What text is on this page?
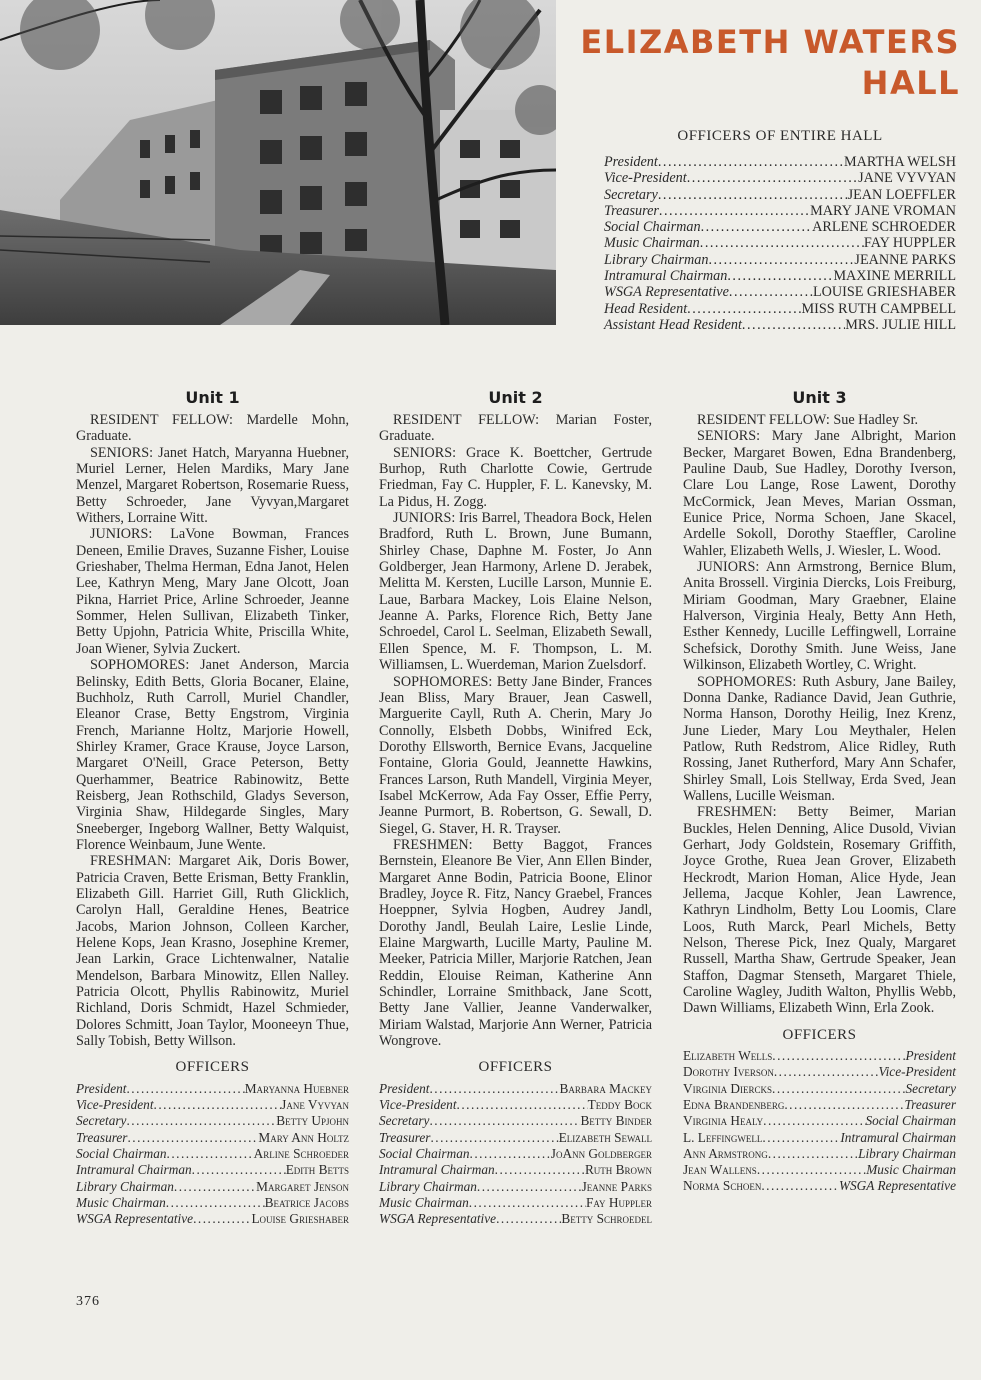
ELIZABETH WATERS
HALL
OFFICERS OF ENTIRE HALL
President .....	MARTHA WELSH
Vice-President .....	JANE VYVYAN
Secretary .....	JEAN LOEFFLER
Treasurer .....	MARY JANE VROMAN
Social Chairman .....	ARLENE SCHROEDER
Music Chairman .....	FAY HUPPLER
Library Chairman .....	JEANNE PARKS
Intramural Chairman .....	MAXINE MERRILL
WSGA Representative .....	LOUISE GRIESHABER
Head Resident .....	MISS RUTH CAMPBELL
Assistant Head Resident .....	MRS. JULIE HILL
Unit 1

RESIDENT FELLOW: Mardelle Mohn, Graduate.

SENIORS: Janet Hatch, Maryanna Huebner, Muriel Lerner, Helen Mardiks, Mary Jane Menzel, Margaret Robertson, Rosemarie Ruess, Betty Schroeder, Jane Vyvyan,Margaret Withers, Lorraine Witt.

JUNIORS: LaVone Bowman, Frances Deneen, Emilie Draves, Suzanne Fisher, Louise Grieshaber, Thelma Herman, Edna Janot, Helen Lee, Kathryn Meng, Mary Jane Olcott, Joan Pikna, Harriet Price, Arline Schroeder, Jeanne Sommer, Helen Sullivan, Elizabeth Tinker, Betty Upjohn, Patricia White, Priscilla White, Joan Wiener, Sylvia Zuckert.

SOPHOMORES: Janet Anderson, Marcia Belinsky, Edith Betts, Gloria Bocaner, Elaine, Buchholz, Ruth Carroll, Muriel Chandler, Eleanor Crase, Betty Engstrom, Virginia French, Marianne Holtz, Marjorie Howell, Shirley Kramer, Grace Krause, Joyce Larson, Margaret O'Neill, Grace Peterson, Betty Querhammer, Beatrice Rabinowitz, Bette Reisberg, Jean Rothschild, Gladys Severson, Virginia Shaw, Hildegarde Singles, Mary Sneeberger, Ingeborg Wallner, Betty Walquist, Florence Weinbaum, June Wente.

FRESHMAN: Margaret Aik, Doris Bower, Patricia Craven, Bette Erisman, Betty Franklin, Elizabeth Gill. Harriet Gill, Ruth Glicklich, Carolyn Hall, Geraldine Henes, Beatrice Jacobs, Marion Johnson, Colleen Karcher, Helene Kops, Jean Krasno, Josephine Kremer, Jean Larkin, Grace Lichtenwalner, Natalie Mendelson, Barbara Minowitz, Ellen Nalley. Patricia Olcott, Phyllis Rabinowitz, Muriel Richland, Doris Schmidt, Hazel Schmieder, Dolores Schmitt, Joan Taylor, Mooneeyn Thue, Sally Tobish, Betty Willson.

OFFICERS
President .....	Maryanna Huebner
Vice-President .....	Jane Vyvyan
Secretary .....	Betty Upjohn
Treasurer .....	Mary Ann Holtz
Social Chairman .....	Arline Schroeder
Intramural Chairman .....	Edith Betts
Library Chairman .....	Margaret Jenson
Music Chairman .....	Beatrice Jacobs
WSGA Representative .....	Louise Grieshaber
Unit 2

RESIDENT FELLOW: Marian Foster, Graduate.

SENIORS: Grace K. Boettcher, Gertrude Burhop, Ruth Charlotte Cowie, Gertrude Friedman, Fay C. Huppler, F. L. Kanevsky, M. La Pidus, H. Zogg.

JUNIORS: Iris Barrel, Theadora Bock, Helen Bradford, Ruth L. Brown, June Bumann, Shirley Chase, Daphne M. Foster, Jo Ann Goldberger, Jean Harmony, Arlene D. Jerabek, Melitta M. Kersten, Lucille Larson, Munnie E. Laue, Barbara Mackey, Lois Elaine Nelson, Jeanne A. Parks, Florence Rich, Betty Jane Schroedel, Carol L. Seelman, Elizabeth Sewall, Ellen Spence, M. F. Thompson, L. M. Williamsen, L. Wuerdeman, Marion Zuelsdorf.

SOPHOMORES: Betty Jane Binder, Frances Jean Bliss, Mary Brauer, Jean Caswell, Marguerite Cayll, Ruth A. Cherin, Mary Jo Connolly, Elsbeth Dobbs, Winifred Eck, Dorothy Ellsworth, Bernice Evans, Jacqueline Fontaine, Gloria Gould, Jeannette Hawkins, Frances Larson, Ruth Mandell, Virginia Meyer, Isabel McKerrow, Ada Fay Osser, Effie Perry, Jeanne Purmort, B. Robertson, G. Sewall, D. Siegel, G. Staver, H. R. Trayser.

FRESHMEN: Betty Baggot, Frances Bernstein, Eleanore Be Vier, Ann Ellen Binder, Margaret Anne Bodin, Patricia Boone, Elinor Bradley, Joyce R. Fitz, Nancy Graebel, Frances Hoeppner, Sylvia Hogben, Audrey Jandl, Dorothy Jandl, Beulah Laire, Leslie Linde, Elaine Margwarth, Lucille Marty, Pauline M. Meeker, Patricia Miller, Marjorie Ratchen, Jean Reddin, Elouise Reiman, Katherine Ann Schindler, Lorraine Smithback, Jane Scott, Betty Jane Vallier, Jeanne Vanderwalker, Miriam Walstad, Marjorie Ann Werner, Patricia Wongrove.

OFFICERS
President .....	Barbara Mackey
Vice-President .....	Teddy Bock
Secretary .....	Betty Binder
Treasurer .....	Elizabeth Sewall
Social Chairman .....	JoAnn Goldberger
Intramural Chairman .....	Ruth Brown
Library Chairman .....	Jeanne Parks
Music Chairman .....	Fay Huppler
WSGA Representative .....	Betty Schroedel
Unit 3

RESIDENT FELLOW: Sue Hadley Sr.

SENIORS: Mary Jane Albright, Marion Becker, Margaret Bowen, Edna Brandenberg, Pauline Daub, Sue Hadley, Dorothy Iverson, Clare Lou Lange, Rose Lawent, Dorothy McCormick, Jean Meves, Marian Ossman, Eunice Price, Norma Schoen, Jane Skacel, Ardelle Sokoll, Dorothy Staeffler, Caroline Wahler, Elizabeth Wells, J. Wiesler, L. Wood.

JUNIORS: Ann Armstrong, Bernice Blum, Anita Brossell. Virginia Diercks, Lois Freiburg, Miriam Goodman, Mary Graebner, Elaine Halverson, Virginia Healy, Betty Ann Heth, Esther Kennedy, Lucille Leffingwell, Lorraine Schefsick, Dorothy Smith. June Weiss, Jane Wilkinson, Elizabeth Wortley, C. Wright.

SOPHOMORES: Ruth Asbury, Jane Bailey, Donna Danke, Radiance David, Jean Guthrie, Norma Hanson, Dorothy Heilig, Inez Krenz, June Lieder, Mary Lou Meythaler, Helen Patlow, Ruth Redstrom, Alice Ridley, Ruth Rossing, Janet Rutherford, Mary Ann Schafer, Shirley Small, Lois Stellway, Erda Sved, Jean Wallens, Lucille Weisman.

FRESHMEN: Betty Beimer, Marian Buckles, Helen Denning, Alice Dusold, Vivian Gerhart, Jody Goldstein, Rosemary Griffith, Joyce Grothe, Ruea Jean Grover, Elizabeth Heckrodt, Marion Homan, Alice Hyde, Jean Jellema, Jacque Kohler, Jean Lawrence, Kathryn Lindholm, Betty Lou Loomis, Clare Loos, Ruth Marck, Pearl Michels, Betty Nelson, Therese Pick, Inez Qualy, Margaret Russell, Martha Shaw, Gertrude Speaker, Jean Staffon, Dagmar Stenseth, Margaret Thiele, Caroline Wagley, Judith Walton, Phyllis Webb, Dawn Williams, Elizabeth Winn, Erla Zook.

OFFICERS
Elizabeth Wells .....	President
Dorothy Iverson .....	Vice-President
Virginia Diercks .....	Secretary
Edna Brandenberg .....	Treasurer
Virginia Healy .....	Social Chairman
L. Leffingwell .....	Intramural Chairman
Ann Armstrong .....	Library Chairman
Jean Wallens .....	Music Chairman
Norma Schoen .....	WSGA Representative
376
